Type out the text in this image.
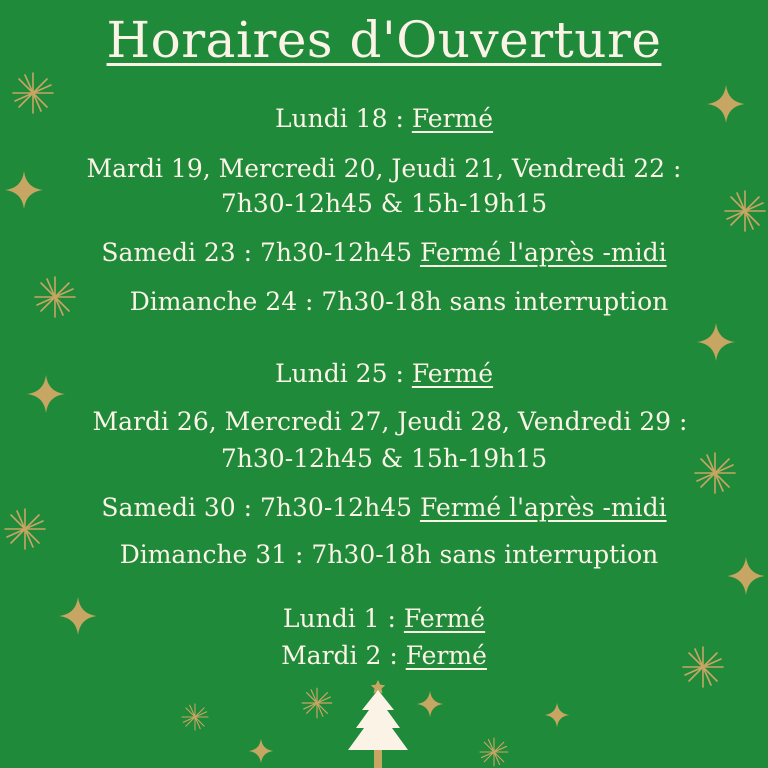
Horaires d'Ouverture
Lundi 18 : Fermé
Mardi 19, Mercredi 20, Jeudi 21, Vendredi 22 :
7h30-12h45 & 15h-19h15
Samedi 23 : 7h30-12h45 Fermé l'après -midi
Dimanche 24 : 7h30-18h sans interruption
Lundi 25 : Fermé
Mardi 26, Mercredi 27, Jeudi 28, Vendredi 29 :
7h30-12h45 & 15h-19h15
Samedi 30 : 7h30-12h45 Fermé l'après -midi
Dimanche 31 : 7h30-18h sans interruption
Lundi 1 : Fermé
Mardi 2 : Fermé
